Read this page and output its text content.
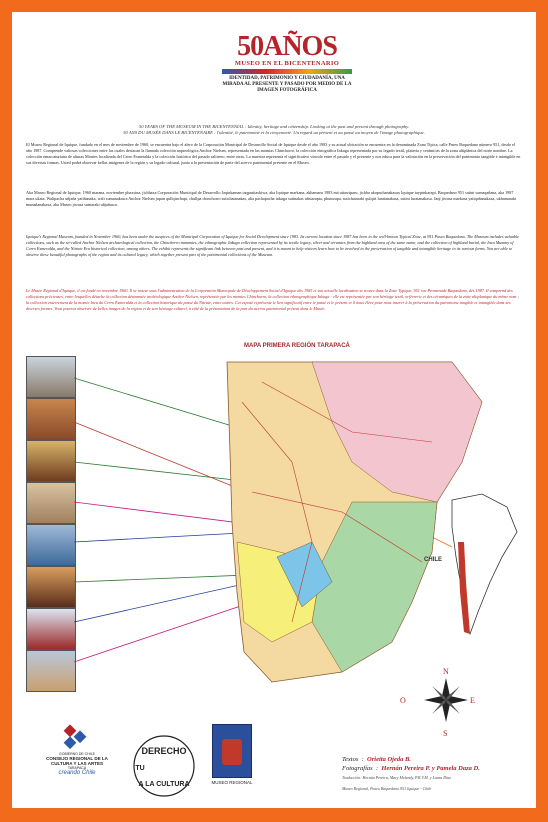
50AÑOS
MUSEO EN EL BICENTENARIO
IDENTIDAD, PATRIMONIO Y CIUDADANÍA, UNA MIRADA AL PRESENTE Y PASADO POR MEDIO DE LA IMAGEN FOTOGRÁFICA
50 YEARS OF THE MUSEUM IN THE BICENTENNIAL : Identity, heritage and citizenship. Looking at the past and present through photography.
50 ANS DU MUSÉE DANS LE BICENTENAIRE : l'identité, le patrimoine et la citoyenneté. Un regard au présent et au passé au moyen de l'image photographique.
El Museo Regional de Iquique, fundado en el mes de noviembre de 1960, se encuentra bajo el alero de la Corporación Municipal de Desarrollo Social de Iquique desde el año 1983 y su actual ubicación se encuentra en la denominada Zona Típica, calle Paseo Baquedano número 951, desde el año 1987. Comprende valiosas colecciones entre las cuales destacan la llamada colección arqueológica Anchor Nielsen, representada en las momias Chinchorro, la colección etnográfica Inkuga representada por su legado textil, platería y cerámicas de la zona altiplánica del norte nombre. La colección emarcaturiana de alturas Montes localizada del Cerro Esmeralda y la colección histórica del pasado salitrero, entre otras. La muestra representa el significativo vínculo entre el pasado y el presente y nos educa para la valoración en la preservación del patrimonio tangible e intangible en sus diversas formas. Usted podrá observar bellas imágenes de la región y su legado cultural, junto a la presentación de parte del acervo patrimonial presente en el Museo.
Aka Museo Regional de Iquique, 1960 marana, noviembre phaxsina, jichhaxa Corporación Municipal de Desarrollo Jaqinkaman taqpasitaskiwa, aka Iquique markana, akhamaru 1983 mä uttawiparu, jichha akapachanakasax Iquique taypinkarapi, Baquedano 951 sutini sarnaqañana, aka 1987 mara ukata. Walipacha uñjaña yatiñanaka, wali sumanakawa Anchor Nielsen jupan qullqinchapi, chullpa chinchorro sutichatanakas, aka pachapacha inkuga sutinakas uñstarapta, phuturapa, sutichataraki qulqiri luratanakasa, sutini luratanakasa. Jaqi jiwasa markasa yatiqañanakaxa, ukhamaraki munañanakaxa, aka Museo jiwasa sumaraki uñjañawa.
Iquique's Regional Museum, founded in November 1960, has been under the auspices of the Municipal Corporation of Iquique for Social Development since 1983. Its current location since 1987 has been in the well-known Typical Zone, at 951 Paseo Baquedano. The Museum includes valuable collections, such as the so-called Anchor Nielsen archaeological collection, the Chinchorro mummies, the ethnographic Inkuga collection represented by its textile legacy, silver and ceramics from the highland area of the same name, and the collection of highland burial, the Inca Mummy of Cerro Esmeralda, and the Nitrate Era historical collection, among others. The exhibit represents the significant link between past and present, and it is meant to help visitors learn how to be involved in the preservation of tangible and intangible heritage in its various forms. You are able to observe these beautiful photographs of the region and its cultural legacy, which together present part of the patrimonial collections of the Museum.
Le Musée Régional d'Iquique, il est fondé en novembre 1960. Il se trouve sous l'administration de la Corporation Municipale de Développement Social d'Iquique dès 1983 et son actuelle localisation se trouve dans la Zone Typique, 951 rue Promenade Baquedano, dès 1987. Il comprend des collections précieuses, entre lesquelles détache la collection dénommée archéologique Anchor Nielsen, représentée par les momies Chinchorro, la collection ethnographique Inkuga : elle est représentée par son héritage textil, orfèvrerie et des céramiques de la zone altiplanique du même nom ; la collection enterrement de la momie Inca du Cerro Esmeralda et la collection historique du passé du Nitrate, entre autres. Cet exposé représente le lien significatif entre le passé et le présent et il nous élève pour nous inserer à la préservation du patrimoine tangible et intangible dans ses diverses formes. Vous pourrez observer de belles images de la région et de son héritage culturel, à côté de la présentation de la part du acervo patrimonial présent dans le Musée.
MAPA PRIMERA REGIÓN TARAPACÁ
CHILE
N
S
O	E
GOBIERNO DE CHILE
CONSEJO REGIONAL DE LA CULTURA Y LAS ARTES
TARAPACÁ
creando Chile
DERECHO
A LA CULTURA
TU
MUSEO REGIONAL
Textos  :  Orietta Ojeda B.
Fotografías  :  Hernán Pereira P. y Pamela Daza D.
Traducción: Hernán Pereira, Mary Melendy, P.R.V.M. y Laura Díaz
Museo Regional, Paseo Baquedano 951 Iquique - Chile
